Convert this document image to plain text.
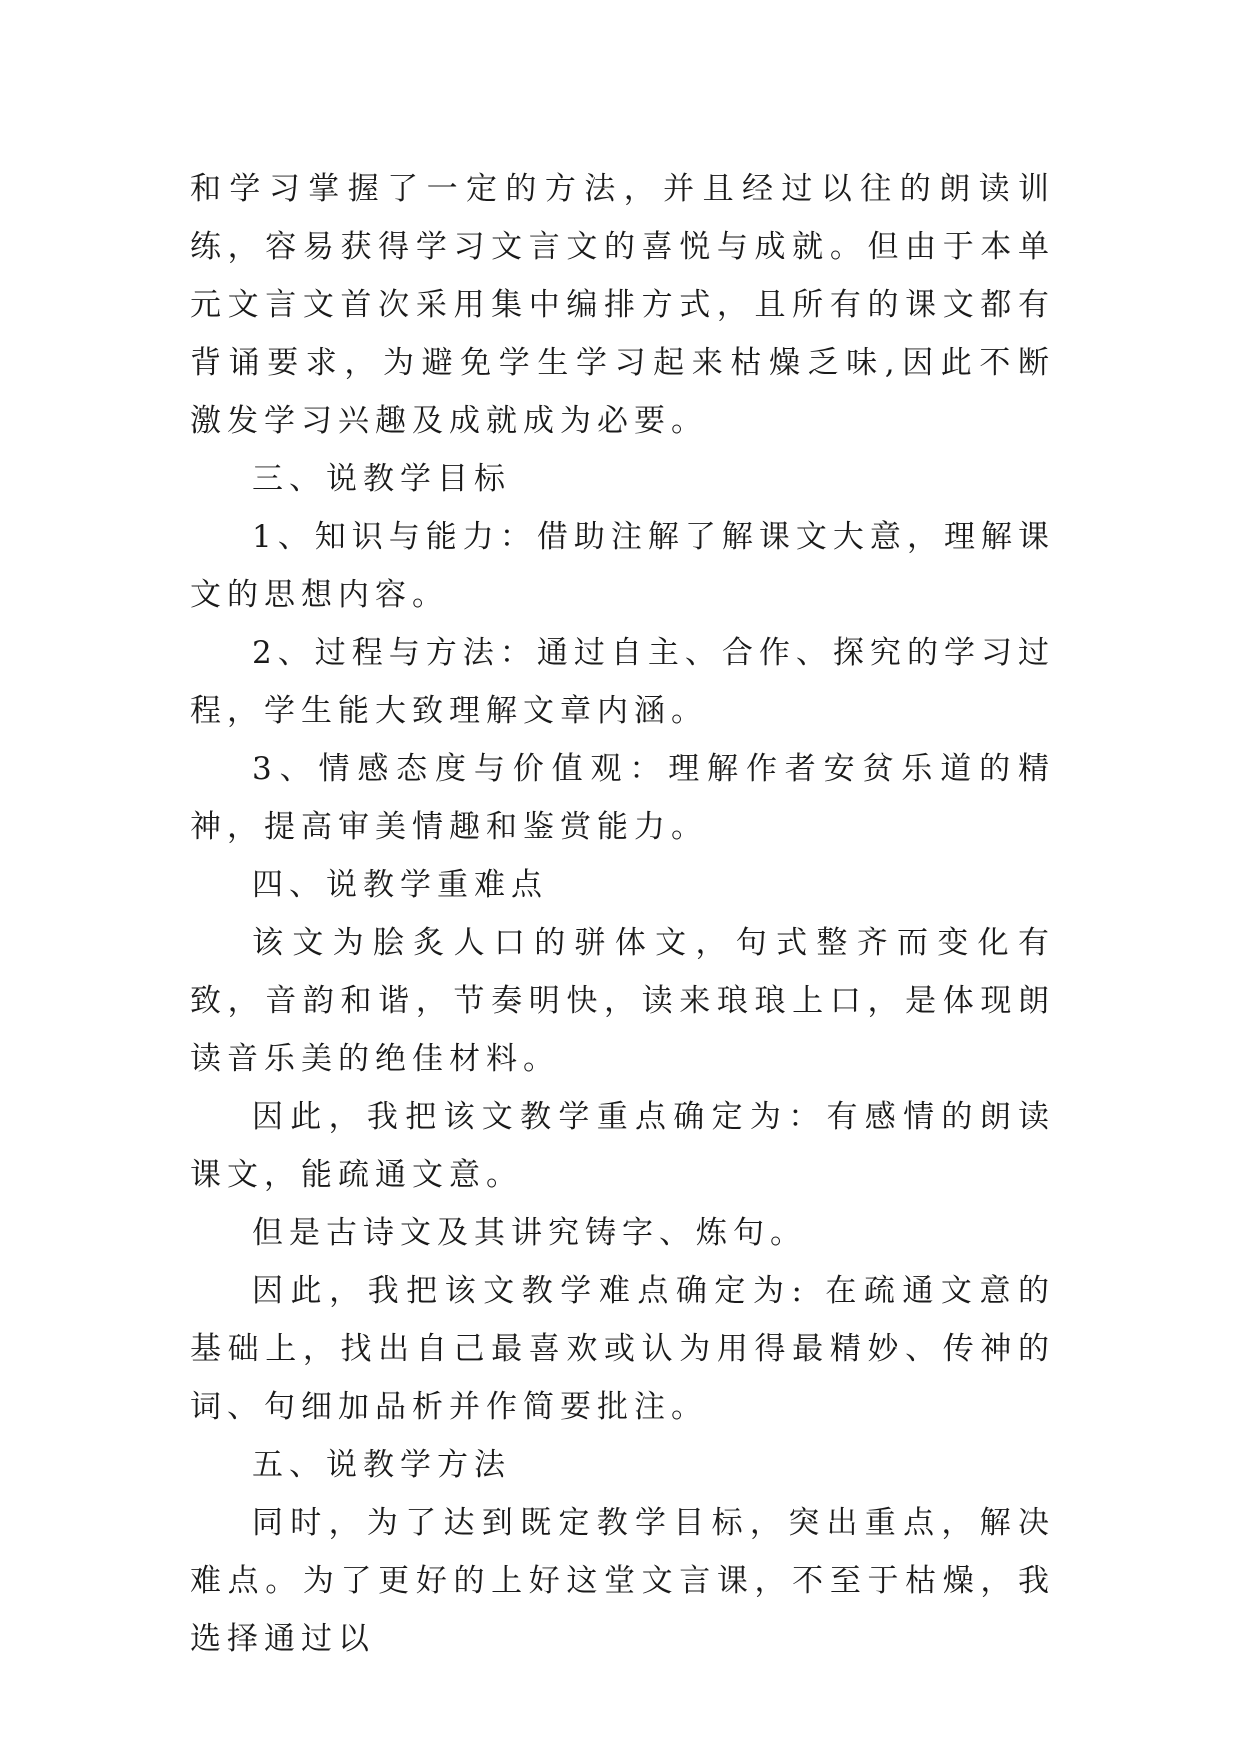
和学习掌握了一定的方法，并且经过以往的朗读训练，容易获得学习文言文的喜悦与成就。但由于本单元文言文首次采用集中编排方式，且所有的课文都有背诵要求，为避免学生学习起来枯燥乏味,因此不断激发学习兴趣及成就成为必要。

三、说教学目标

1、知识与能力：借助注解了解课文大意，理解课文的思想内容。

2、过程与方法：通过自主、合作、探究的学习过程，学生能大致理解文章内涵。

3、情感态度与价值观：理解作者安贫乐道的精神，提高审美情趣和鉴赏能力。

四、说教学重难点

该文为脍炙人口的骈体文，句式整齐而变化有致，音韵和谐，节奏明快，读来琅琅上口，是体现朗读音乐美的绝佳材料。

因此，我把该文教学重点确定为：有感情的朗读课文，能疏通文意。

但是古诗文及其讲究铸字、炼句。

因此，我把该文教学难点确定为: 在疏通文意的基础上，找出自己最喜欢或认为用得最精妙、传神的词、句细加品析并作简要批注。

五、说教学方法

同时，为了达到既定教学目标，突出重点，解决难点。为了更好的上好这堂文言课，不至于枯燥，我选择通过以
